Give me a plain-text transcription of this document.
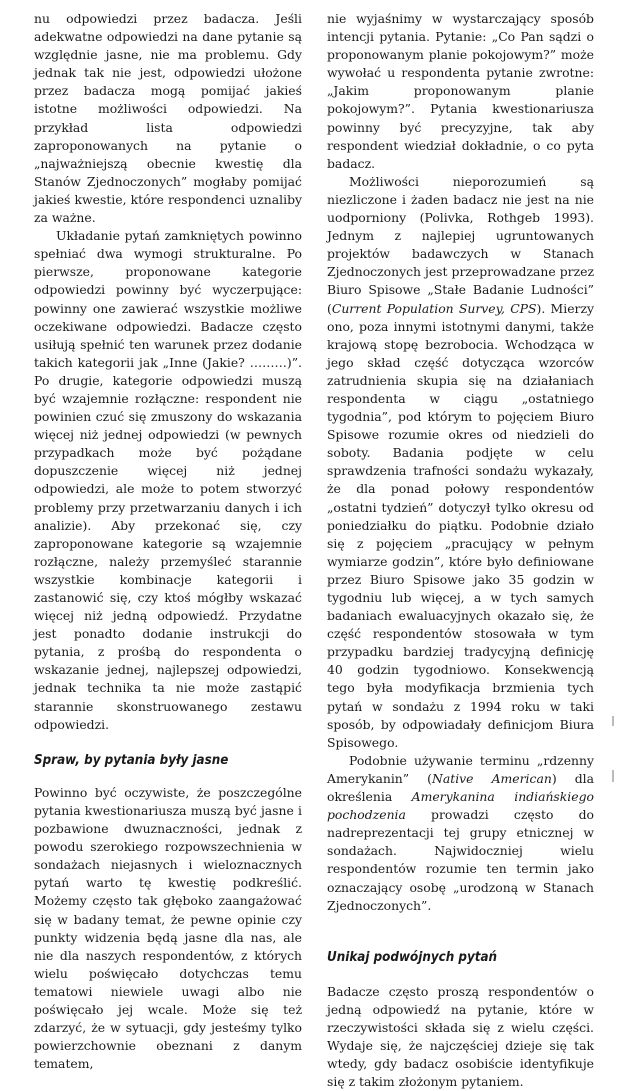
nu odpowiedzi przez badacza. Jeśli adekwatne odpowiedzi na dane pytanie są względnie jasne, nie ma problemu. Gdy jednak tak nie jest, odpowiedzi ułożone przez badacza mogą pomijać jakieś istotne możliwości odpowiedzi. Na przykład lista odpowiedzi zaproponowanych na pytanie o „najważniejszą obecnie kwestię dla Stanów Zjednoczonych” mogłaby pomijać jakieś kwestie, które respondenci uznaliby za ważne.

Układanie pytań zamkniętych powinno spełniać dwa wymogi strukturalne. Po pierwsze, proponowane kategorie odpowiedzi powinny być wyczerpujące: powinny one zawierać wszystkie możliwe oczekiwane odpowiedzi. Badacze często usiłują spełnić ten warunek przez dodanie takich kategorii jak „Inne (Jakie? ………)”. Po drugie, kategorie odpowiedzi muszą być wzajemnie rozłączne: respondent nie powinien czuć się zmuszony do wskazania więcej niż jednej odpowiedzi (w pewnych przypadkach może być pożądane dopuszczenie więcej niż jednej odpowiedzi, ale może to potem stworzyć problemy przy przetwarzaniu danych i ich analizie). Aby przekonać się, czy zaproponowane kategorie są wzajemnie rozłączne, należy przemyśleć starannie wszystkie kombinacje kategorii i zastanowić się, czy ktoś mógłby wskazać więcej niż jedną odpowiedź. Przydatne jest ponadto dodanie instrukcji do pytania, z prośbą do respondenta o wskazanie jednej, najlepszej odpowiedzi, jednak technika ta nie może zastąpić starannie skonstruowanego zestawu odpowiedzi.

Spraw, by pytania były jasne

Powinno być oczywiste, że poszczególne pytania kwestionariusza muszą być jasne i pozbawione dwuznaczności, jednak z powodu szerokiego rozpowszechnienia w sondażach niejasnych i wieloznacznych pytań warto tę kwestię podkreślić. Możemy często tak głęboko zaangażować się w badany temat, że pewne opinie czy punkty widzenia będą jasne dla nas, ale nie dla naszych respondentów, z których wielu poświęcało dotychczas temu tematowi niewiele uwagi albo nie poświęcało jej wcale. Może się też zdarzyć, że w sytuacji, gdy jesteśmy tylko powierzchownie obeznani z danym tematem,

nie wyjaśnimy w wystarczający sposób intencji pytania. Pytanie: „Co Pan sądzi o proponowanym planie pokojowym?” może wywołać u respondenta pytanie zwrotne: „Jakim proponowanym planie pokojowym?”. Pytania kwestionariusza powinny być precyzyjne, tak aby respondent wiedział dokładnie, o co pyta badacz.

Możliwości nieporozumień są niezliczone i żaden badacz nie jest na nie uodporniony (Polivka, Rothgeb 1993). Jednym z najlepiej ugruntowanych projektów badawczych w Stanach Zjednoczonych jest przeprowadzane przez Biuro Spisowe „Stałe Badanie Ludności” (Current Population Survey, CPS). Mierzy ono, poza innymi istotnymi danymi, także krajową stopę bezrobocia. Wchodząca w jego skład część dotycząca wzorców zatrudnienia skupia się na działaniach respondenta w ciągu „ostatniego tygodnia”, pod którym to pojęciem Biuro Spisowe rozumie okres od niedzieli do soboty. Badania podjęte w celu sprawdzenia trafności sondażu wykazały, że dla ponad połowy respondentów „ostatni tydzień” dotyczył tylko okresu od poniedziałku do piątku. Podobnie działo się z pojęciem „pracujący w pełnym wymiarze godzin”, które było definiowane przez Biuro Spisowe jako 35 godzin w tygodniu lub więcej, a w tych samych badaniach ewaluacyjnych okazało się, że część respondentów stosowała w tym przypadku bardziej tradycyjną definicję 40 godzin tygodniowo. Konsekwencją tego była modyfikacja brzmienia tych pytań w sondażu z 1994 roku w taki sposób, by odpowiadały definicjom Biura Spisowego.

Podobnie używanie terminu „rdzenny Amerykanin” (Native American) dla określenia Amerykanina indiańskiego pochodzenia prowadzi często do nadreprezentacji tej grupy etnicznej w sondażach. Najwidoczniej wielu respondentów rozumie ten termin jako oznaczający osobę „urodzoną w Stanach Zjednoczonych”.

Unikaj podwójnych pytań

Badacze często proszą respondentów o jedną odpowiedź na pytanie, które w rzeczywistości składa się z wielu części. Wydaje się, że najczęściej dzieje się tak wtedy, gdy badacz osobiście identyfikuje się z takim złożonym pytaniem.
